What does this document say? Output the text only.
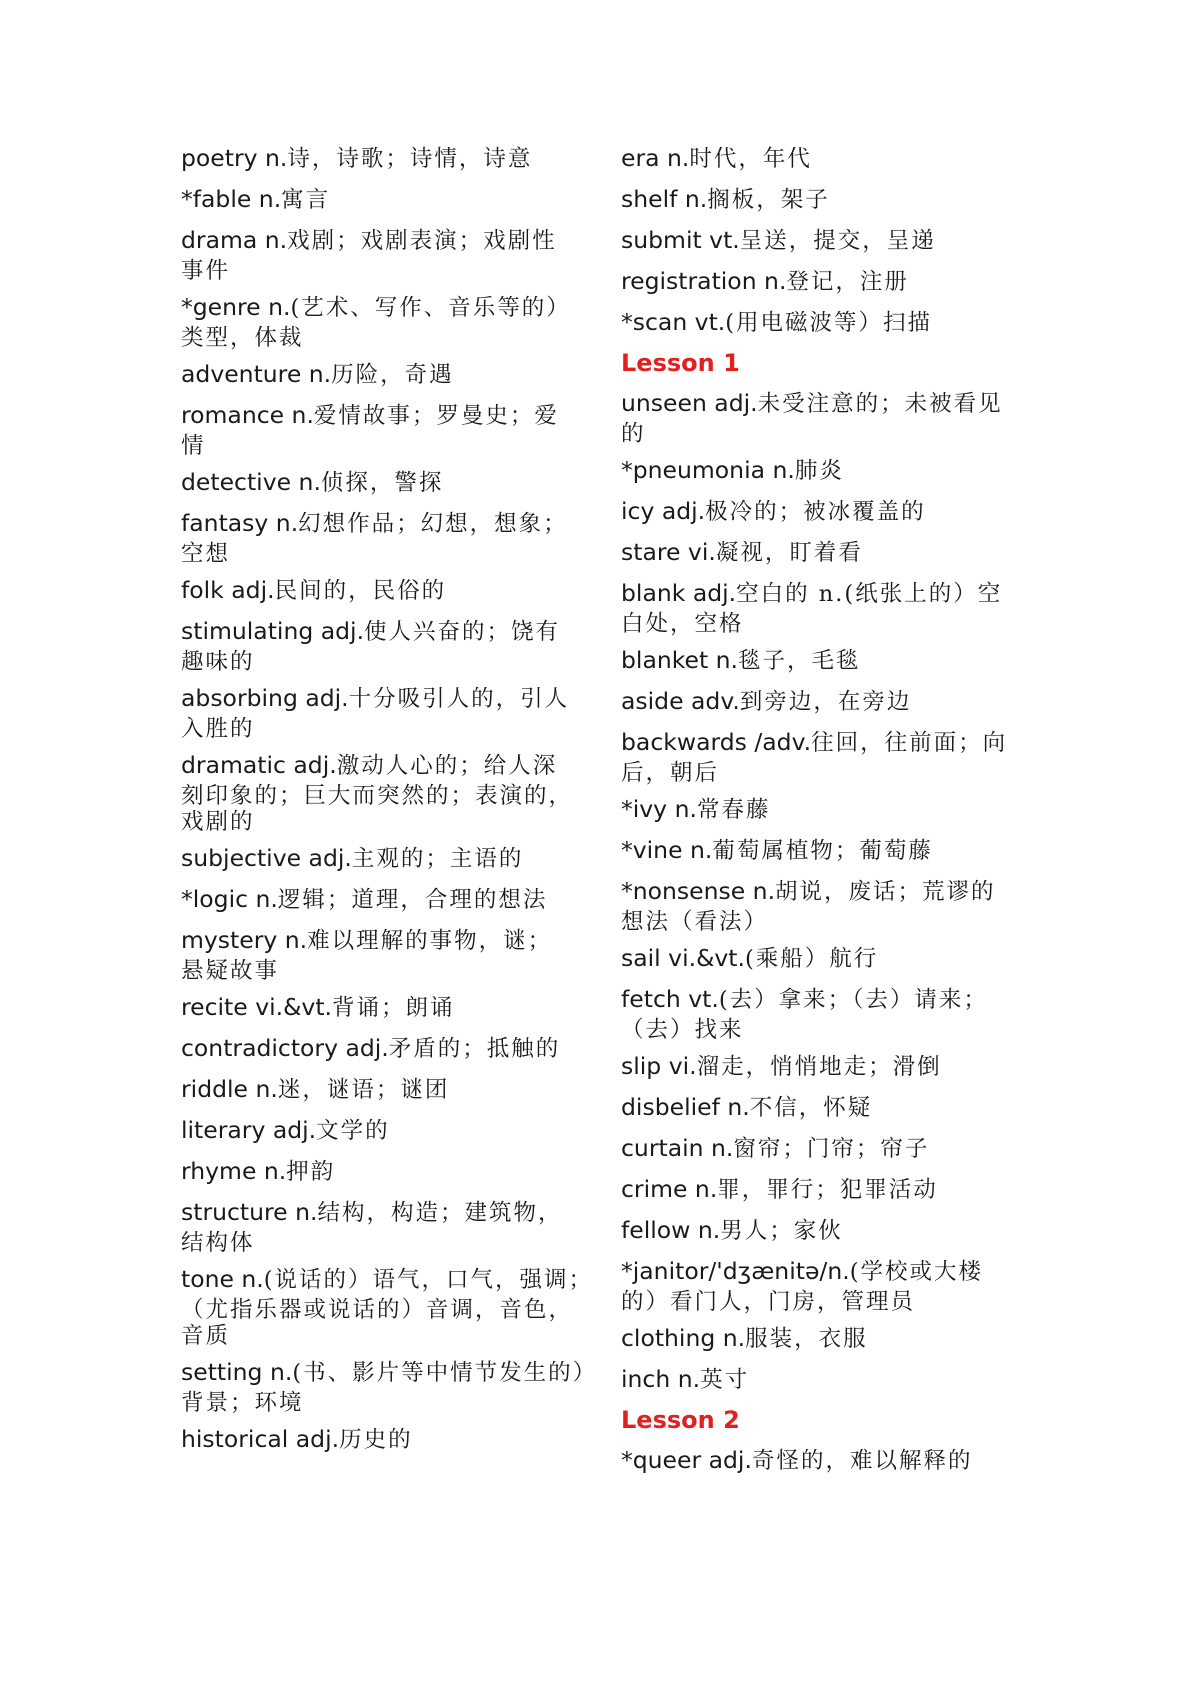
poetry n.诗，诗歌；诗情，诗意
*fable n.寓言
drama n.戏剧；戏剧表演；戏剧性
事件
*genre n.(艺术、写作、音乐等的）
类型，体裁
adventure n.历险，奇遇
romance n.爱情故事；罗曼史；爱
情
detective n.侦探，警探
fantasy n.幻想作品；幻想，想象；
空想
folk adj.民间的，民俗的
stimulating adj.使人兴奋的；饶有
趣味的
absorbing adj.十分吸引人的，引人
入胜的
dramatic adj.激动人心的；给人深
刻印象的；巨大而突然的；表演的，
戏剧的
subjective adj.主观的；主语的
*logic n.逻辑；道理，合理的想法
mystery n.难以理解的事物，谜；
悬疑故事
recite vi.&vt.背诵；朗诵
contradictory adj.矛盾的；抵触的
riddle n.迷，谜语；谜团
literary adj.文学的
rhyme n.押韵
structure n.结构，构造；建筑物，
结构体
tone n.(说话的）语气，口气，强调；
（尤指乐器或说话的）音调，音色，
音质
setting n.(书、影片等中情节发生的）
背景；环境
historical adj.历史的
era n.时代，年代
shelf n.搁板，架子
submit vt.呈送，提交，呈递
registration n.登记，注册
*scan vt.(用电磁波等）扫描
Lesson 1
unseen adj.未受注意的；未被看见
的
*pneumonia n.肺炎
icy adj.极冷的；被冰覆盖的
stare vi.凝视，盯着看
blank adj.空白的 n.(纸张上的）空
白处，空格
blanket n.毯子，毛毯
aside adv.到旁边，在旁边
backwards /adv.往回，往前面；向
后，朝后
*ivy n.常春藤
*vine n.葡萄属植物；葡萄藤
*nonsense n.胡说，废话；荒谬的
想法（看法）
sail vi.&vt.(乘船）航行
fetch vt.(去）拿来；（去）请来；
（去）找来
slip vi.溜走，悄悄地走；滑倒
disbelief n.不信，怀疑
curtain n.窗帘；门帘；帘子
crime n.罪，罪行；犯罪活动
fellow n.男人；家伙
*janitor/'dʒænitə/n.(学校或大楼
的）看门人，门房，管理员
clothing n.服装，衣服
inch n.英寸
Lesson 2
*queer adj.奇怪的，难以解释的
